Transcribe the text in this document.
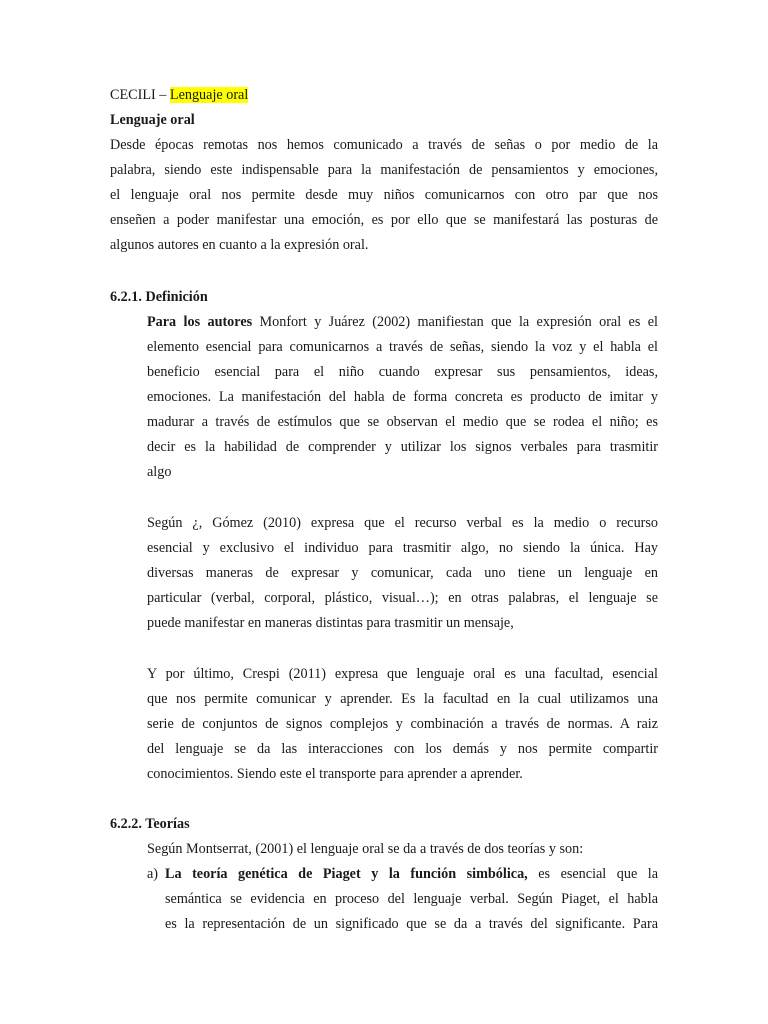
CECILI – Lenguaje oral
Lenguaje oral
Desde épocas remotas nos hemos comunicado a través de señas o por medio de la
palabra, siendo este indispensable para la manifestación de pensamientos y emociones,
el lenguaje oral nos permite desde muy niños comunicarnos con otro par que nos
enseñen a poder manifestar una emoción, es por ello que se manifestará las posturas de
algunos autores en cuanto a la expresión oral.
6.2.1. Definición
Para los autores Monfort y Juárez (2002) manifiestan que la expresión oral es el
elemento esencial para comunicarnos a través de señas, siendo la voz y el habla el
beneficio esencial para el niño cuando expresar sus pensamientos, ideas,
emociones. La manifestación del habla de forma concreta es producto de imitar y
madurar a través de estímulos que se observan el medio que se rodea el niño; es
decir es la habilidad de comprender y utilizar los signos verbales para trasmitir
algo
Según ¿, Gómez (2010) expresa que el recurso verbal es la medio o recurso
esencial y exclusivo el individuo para trasmitir algo, no siendo la única. Hay
diversas maneras de expresar y comunicar, cada uno tiene un lenguaje en
particular (verbal, corporal, plástico, visual…); en otras palabras, el lenguaje se
puede manifestar en maneras distintas para trasmitir un mensaje,
Y por último, Crespi (2011) expresa que lenguaje oral es una facultad, esencial
que nos permite comunicar y aprender. Es la facultad en la cual utilizamos una
serie de conjuntos de signos complejos y combinación a través de normas. A raiz
del lenguaje se da las interacciones con los demás y nos permite compartir
conocimientos. Siendo este el transporte para aprender a aprender.
6.2.2. Teorías
Según Montserrat, (2001) el lenguaje oral se da a través de dos teorías y son:
a) La teoría genética de Piaget y la función simbólica, es esencial que la
semántica se evidencia en proceso del lenguaje verbal. Según Piaget, el habla
es la representación de un significado que se da a través del significante. Para
